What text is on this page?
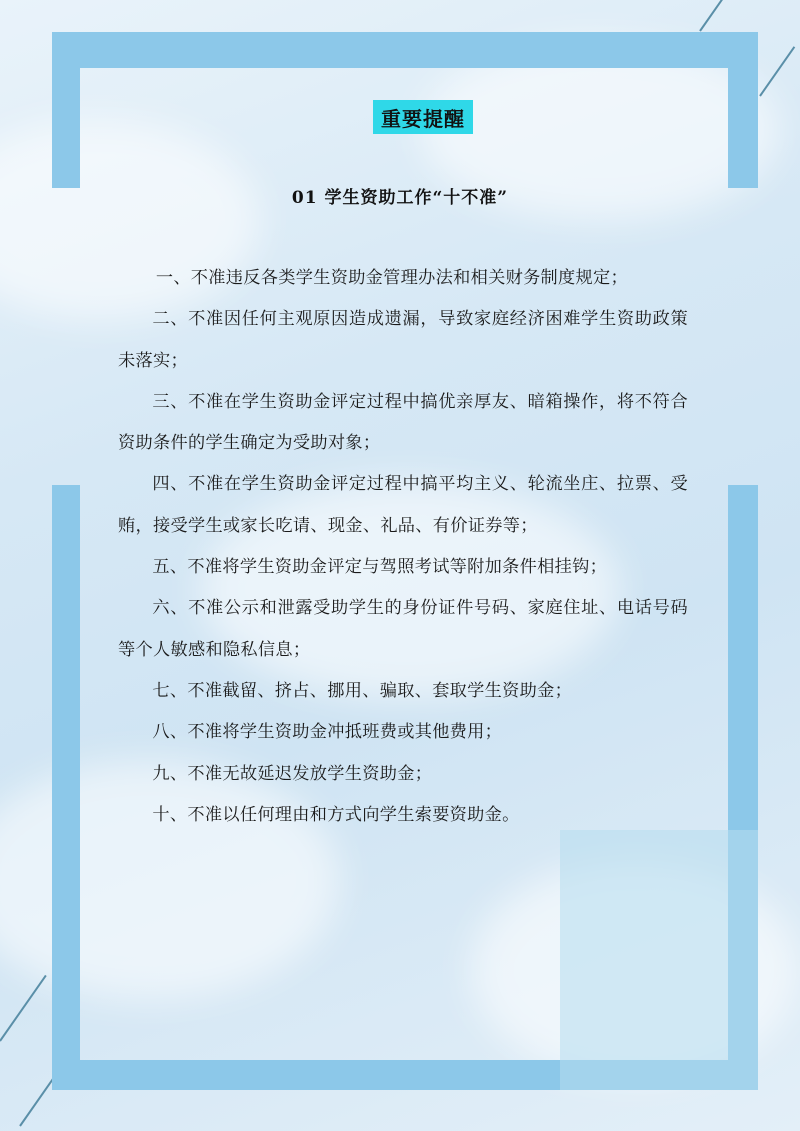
重要提醒
01 学生资助工作“十不准”

一、不准违反各类学生资助金管理办法和相关财务制度规定；

二、不准因任何主观原因造成遗漏，导致家庭经济困难学生资助政策未落实；

三、不准在学生资助金评定过程中搞优亲厚友、暗箱操作，将不符合资助条件的学生确定为受助对象；

四、不准在学生资助金评定过程中搞平均主义、轮流坐庄、拉票、受贿，接受学生或家长吃请、现金、礼品、有价证券等；

五、不准将学生资助金评定与驾照考试等附加条件相挂钩；

六、不准公示和泄露受助学生的身份证件号码、家庭住址、电话号码等个人敏感和隐私信息；

七、不准截留、挤占、挪用、骗取、套取学生资助金；

八、不准将学生资助金冲抵班费或其他费用；

九、不准无故延迟发放学生资助金；

十、不准以任何理由和方式向学生索要资助金。
